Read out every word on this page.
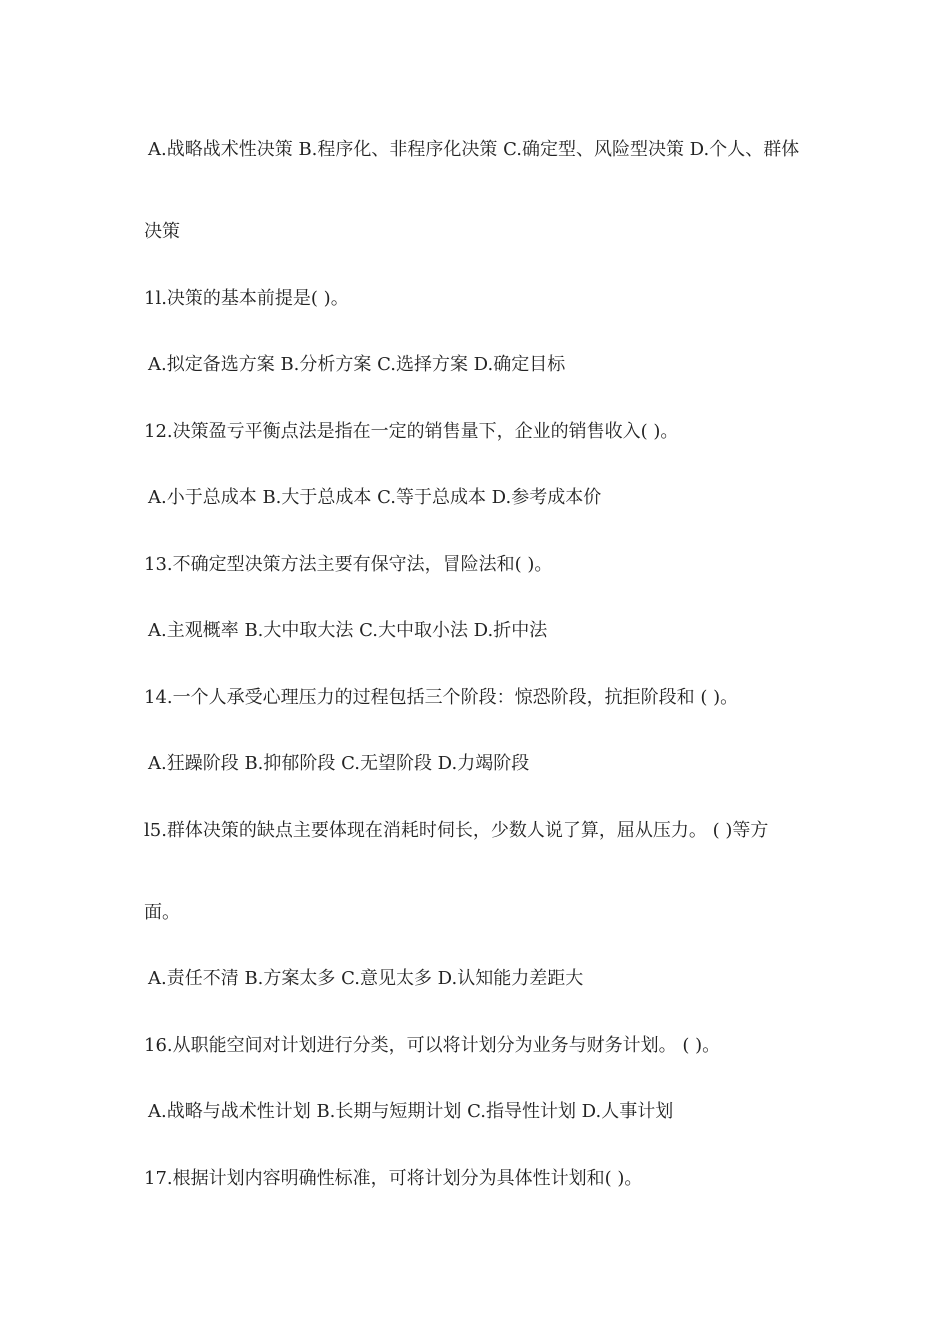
A.战略战术性决策 B.程序化、非程序化决策 C.确定型、风险型决策 D.个人、群体
决策
1l.决策的基本前提是( )。
A.拟定备选方案 B.分析方案 C.选择方案 D.确定目标
12.决策盈亏平衡点法是指在一定的销售量下，企业的销售收入( )。
A.小于总成本 B.大于总成本 C.等于总成本 D.参考成本价
13.不确定型决策方法主要有保守法，冒险法和( )。
A.主观概率 B.大中取大法 C.大中取小法 D.折中法
14.一个人承受心理压力的过程包括三个阶段：惊恐阶段，抗拒阶段和 ( )。
A.狂躁阶段 B.抑郁阶段 C.无望阶段 D.力竭阶段
l5.群体决策的缺点主要体现在消耗时伺长，少数人说了算，屈从压力。 ( )等方
面。
A.责任不清 B.方案太多 C.意见太多 D.认知能力差距大
16.从职能空间对计划进行分类，可以将计划分为业务与财务计划。 ( )。
A.战略与战术性计划 B.长期与短期计划 C.指导性计划 D.人事计划
17.根据计划内容明确性标准，可将计划分为具体性计划和( )。
